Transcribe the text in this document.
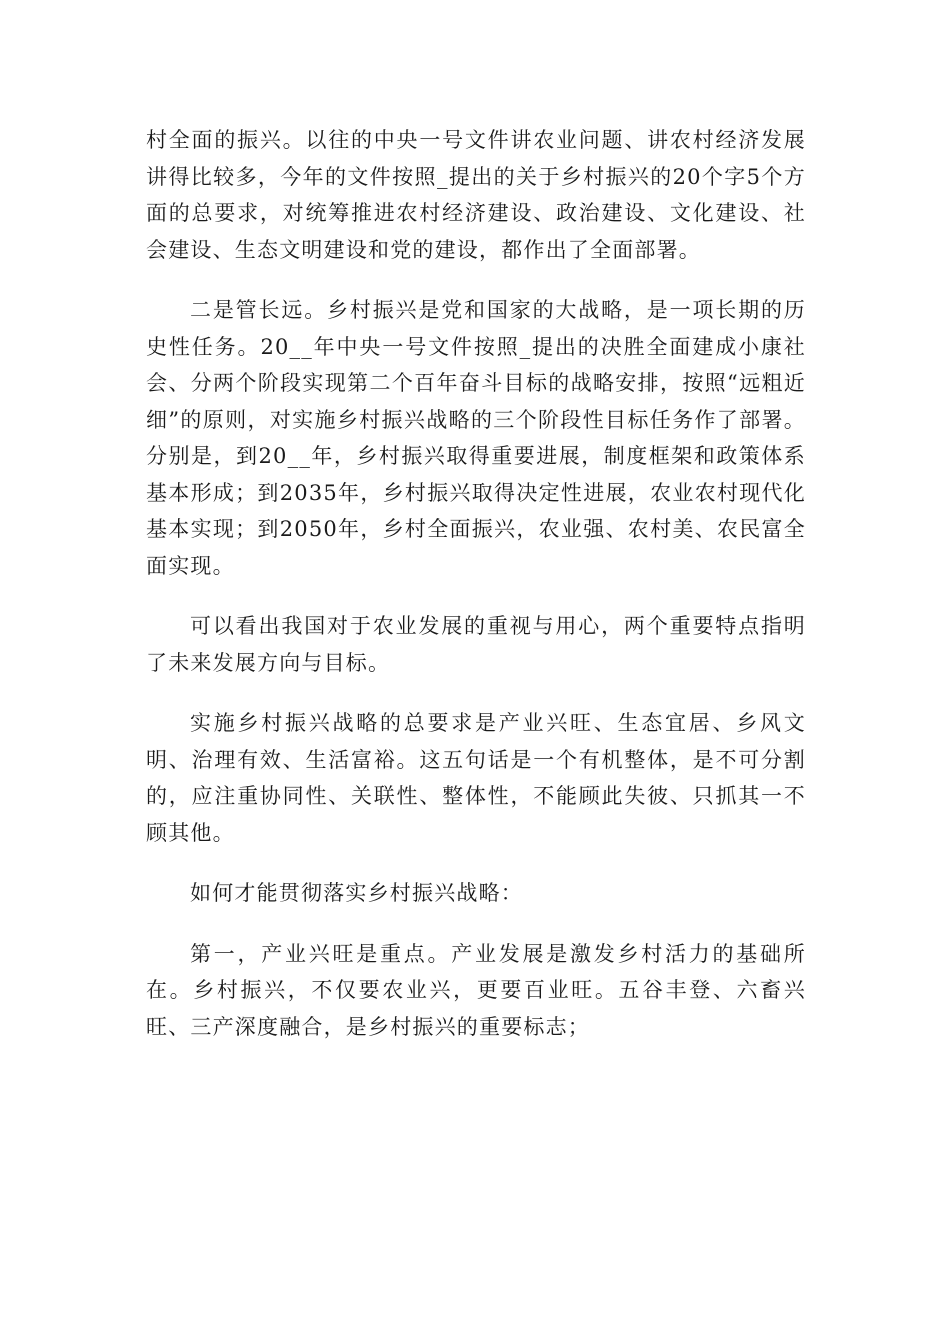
村全面的振兴。以往的中央一号文件讲农业问题、讲农村经济发展讲得比较多，今年的文件按照_提出的关于乡村振兴的20个字5个方面的总要求，对统筹推进农村经济建设、政治建设、文化建设、社会建设、生态文明建设和党的建设，都作出了全面部署。

二是管长远。乡村振兴是党和国家的大战略，是一项长期的历史性任务。20__年中央一号文件按照_提出的决胜全面建成小康社会、分两个阶段实现第二个百年奋斗目标的战略安排，按照“远粗近细”的原则，对实施乡村振兴战略的三个阶段性目标任务作了部署。分别是，到20__年，乡村振兴取得重要进展，制度框架和政策体系基本形成；到2035年，乡村振兴取得决定性进展，农业农村现代化基本实现；到2050年，乡村全面振兴，农业强、农村美、农民富全面实现。

可以看出我国对于农业发展的重视与用心，两个重要特点指明了未来发展方向与目标。

实施乡村振兴战略的总要求是产业兴旺、生态宜居、乡风文明、治理有效、生活富裕。这五句话是一个有机整体，是不可分割的，应注重协同性、关联性、整体性，不能顾此失彼、只抓其一不顾其他。

如何才能贯彻落实乡村振兴战略：

第一，产业兴旺是重点。产业发展是激发乡村活力的基础所在。乡村振兴，不仅要农业兴，更要百业旺。五谷丰登、六畜兴旺、三产深度融合，是乡村振兴的重要标志；
